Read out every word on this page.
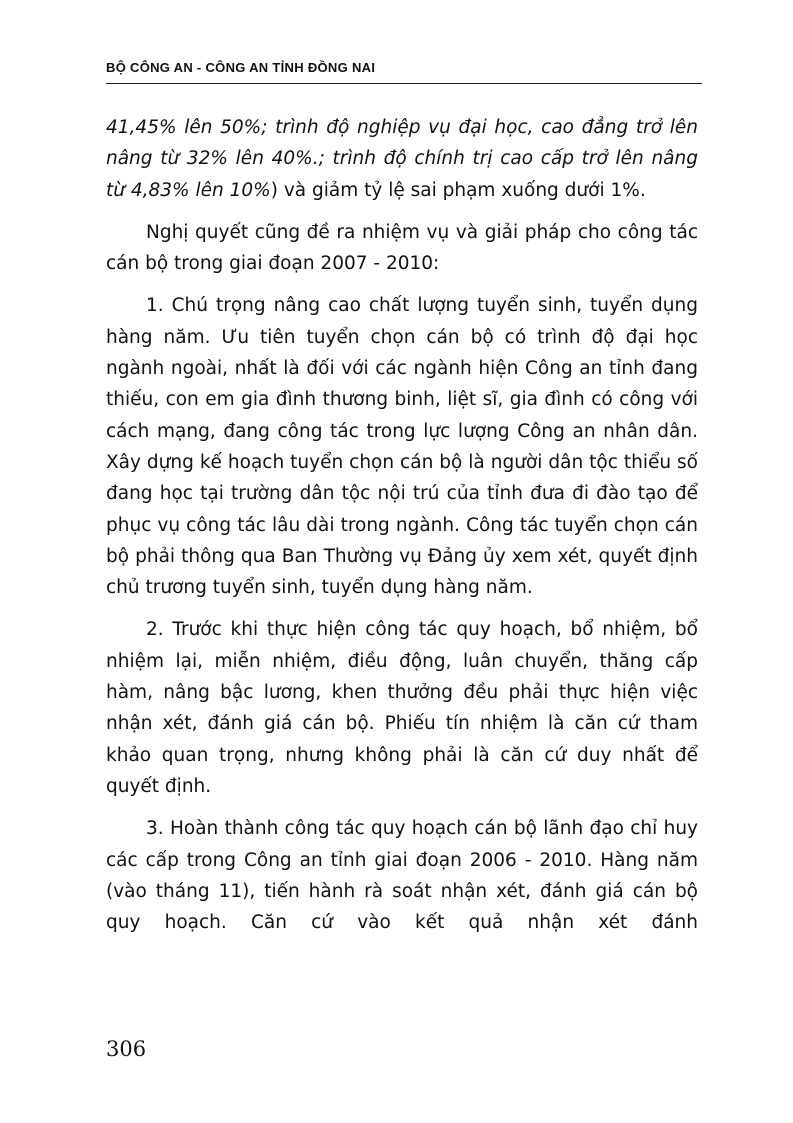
BỘ CÔNG AN - CÔNG AN TỈNH ĐỒNG NAI

41,45% lên 50%; trình độ nghiệp vụ đại học, cao đẳng trở lên nâng từ 32% lên 40%.; trình độ chính trị cao cấp trở lên nâng từ 4,83% lên 10%) và giảm tỷ lệ sai phạm xuống dưới 1%.

Nghị quyết cũng đề ra nhiệm vụ và giải pháp cho công tác cán bộ trong giai đoạn 2007 - 2010:

1. Chú trọng nâng cao chất lượng tuyển sinh, tuyển dụng hàng năm. Ưu tiên tuyển chọn cán bộ có trình độ đại học ngành ngoài, nhất là đối với các ngành hiện Công an tỉnh đang thiếu, con em gia đình thương binh, liệt sĩ, gia đình có công với cách mạng, đang công tác trong lực lượng Công an nhân dân. Xây dựng kế hoạch tuyển chọn cán bộ là người dân tộc thiểu số đang học tại trường dân tộc nội trú của tỉnh đưa đi đào tạo để phục vụ công tác lâu dài trong ngành. Công tác tuyển chọn cán bộ phải thông qua Ban Thường vụ Đảng ủy xem xét, quyết định chủ trương tuyển sinh, tuyển dụng hàng năm.

2. Trước khi thực hiện công tác quy hoạch, bổ nhiệm, bổ nhiệm lại, miễn nhiệm, điều động, luân chuyển, thăng cấp hàm, nâng bậc lương, khen thưởng đều phải thực hiện việc nhận xét, đánh giá cán bộ. Phiếu tín nhiệm là căn cứ tham khảo quan trọng, nhưng không phải là căn cứ duy nhất để quyết định.

3. Hoàn thành công tác quy hoạch cán bộ lãnh đạo chỉ huy các cấp trong Công an tỉnh giai đoạn 2006 - 2010. Hàng năm (vào tháng 11), tiến hành rà soát nhận xét, đánh giá cán bộ quy hoạch. Căn cứ vào kết quả nhận xét đánh

306
